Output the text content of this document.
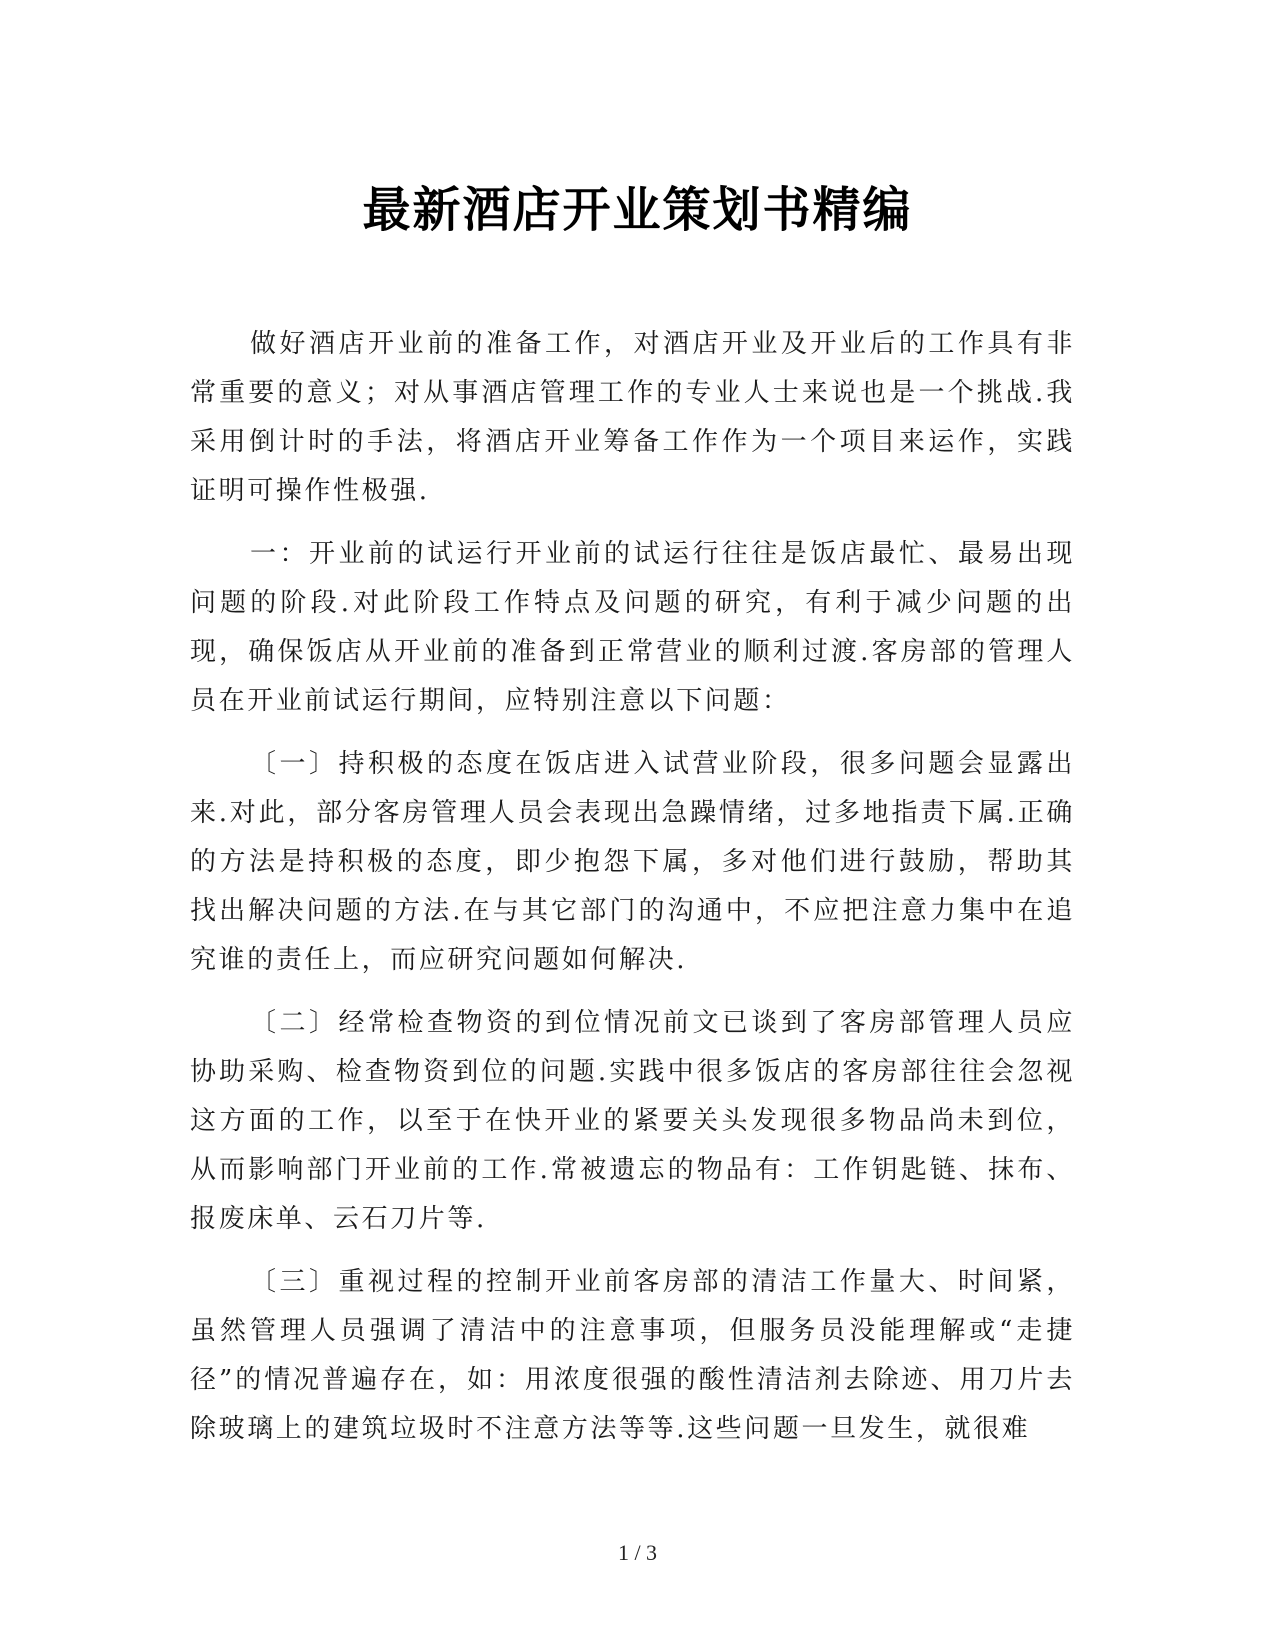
最新酒店开业策划书精编

做好酒店开业前的准备工作，对酒店开业及开业后的工作具有非常重要的意义；对从事酒店管理工作的专业人士来说也是一个挑战.我采用倒计时的手法，将酒店开业筹备工作作为一个项目来运作，实践证明可操作性极强.

一：开业前的试运行开业前的试运行往往是饭店最忙、最易出现问题的阶段.对此阶段工作特点及问题的研究，有利于减少问题的出现，确保饭店从开业前的准备到正常营业的顺利过渡.客房部的管理人员在开业前试运行期间，应特别注意以下问题：

〔一〕持积极的态度在饭店进入试营业阶段，很多问题会显露出来.对此，部分客房管理人员会表现出急躁情绪，过多地指责下属.正确的方法是持积极的态度，即少抱怨下属，多对他们进行鼓励，帮助其找出解决问题的方法.在与其它部门的沟通中，不应把注意力集中在追究谁的责任上，而应研究问题如何解决.

〔二〕经常检查物资的到位情况前文已谈到了客房部管理人员应协助采购、检查物资到位的问题.实践中很多饭店的客房部往往会忽视这方面的工作，以至于在快开业的紧要关头发现很多物品尚未到位，从而影响部门开业前的工作.常被遗忘的物品有：工作钥匙链、抹布、报废床单、云石刀片等.

〔三〕重视过程的控制开业前客房部的清洁工作量大、时间紧，虽然管理人员强调了清洁中的注意事项，但服务员没能理解或“走捷径”的情况普遍存在，如：用浓度很强的酸性清洁剂去除迹、用刀片去除玻璃上的建筑垃圾时不注意方法等等.这些问题一旦发生，就很难

1 / 3
